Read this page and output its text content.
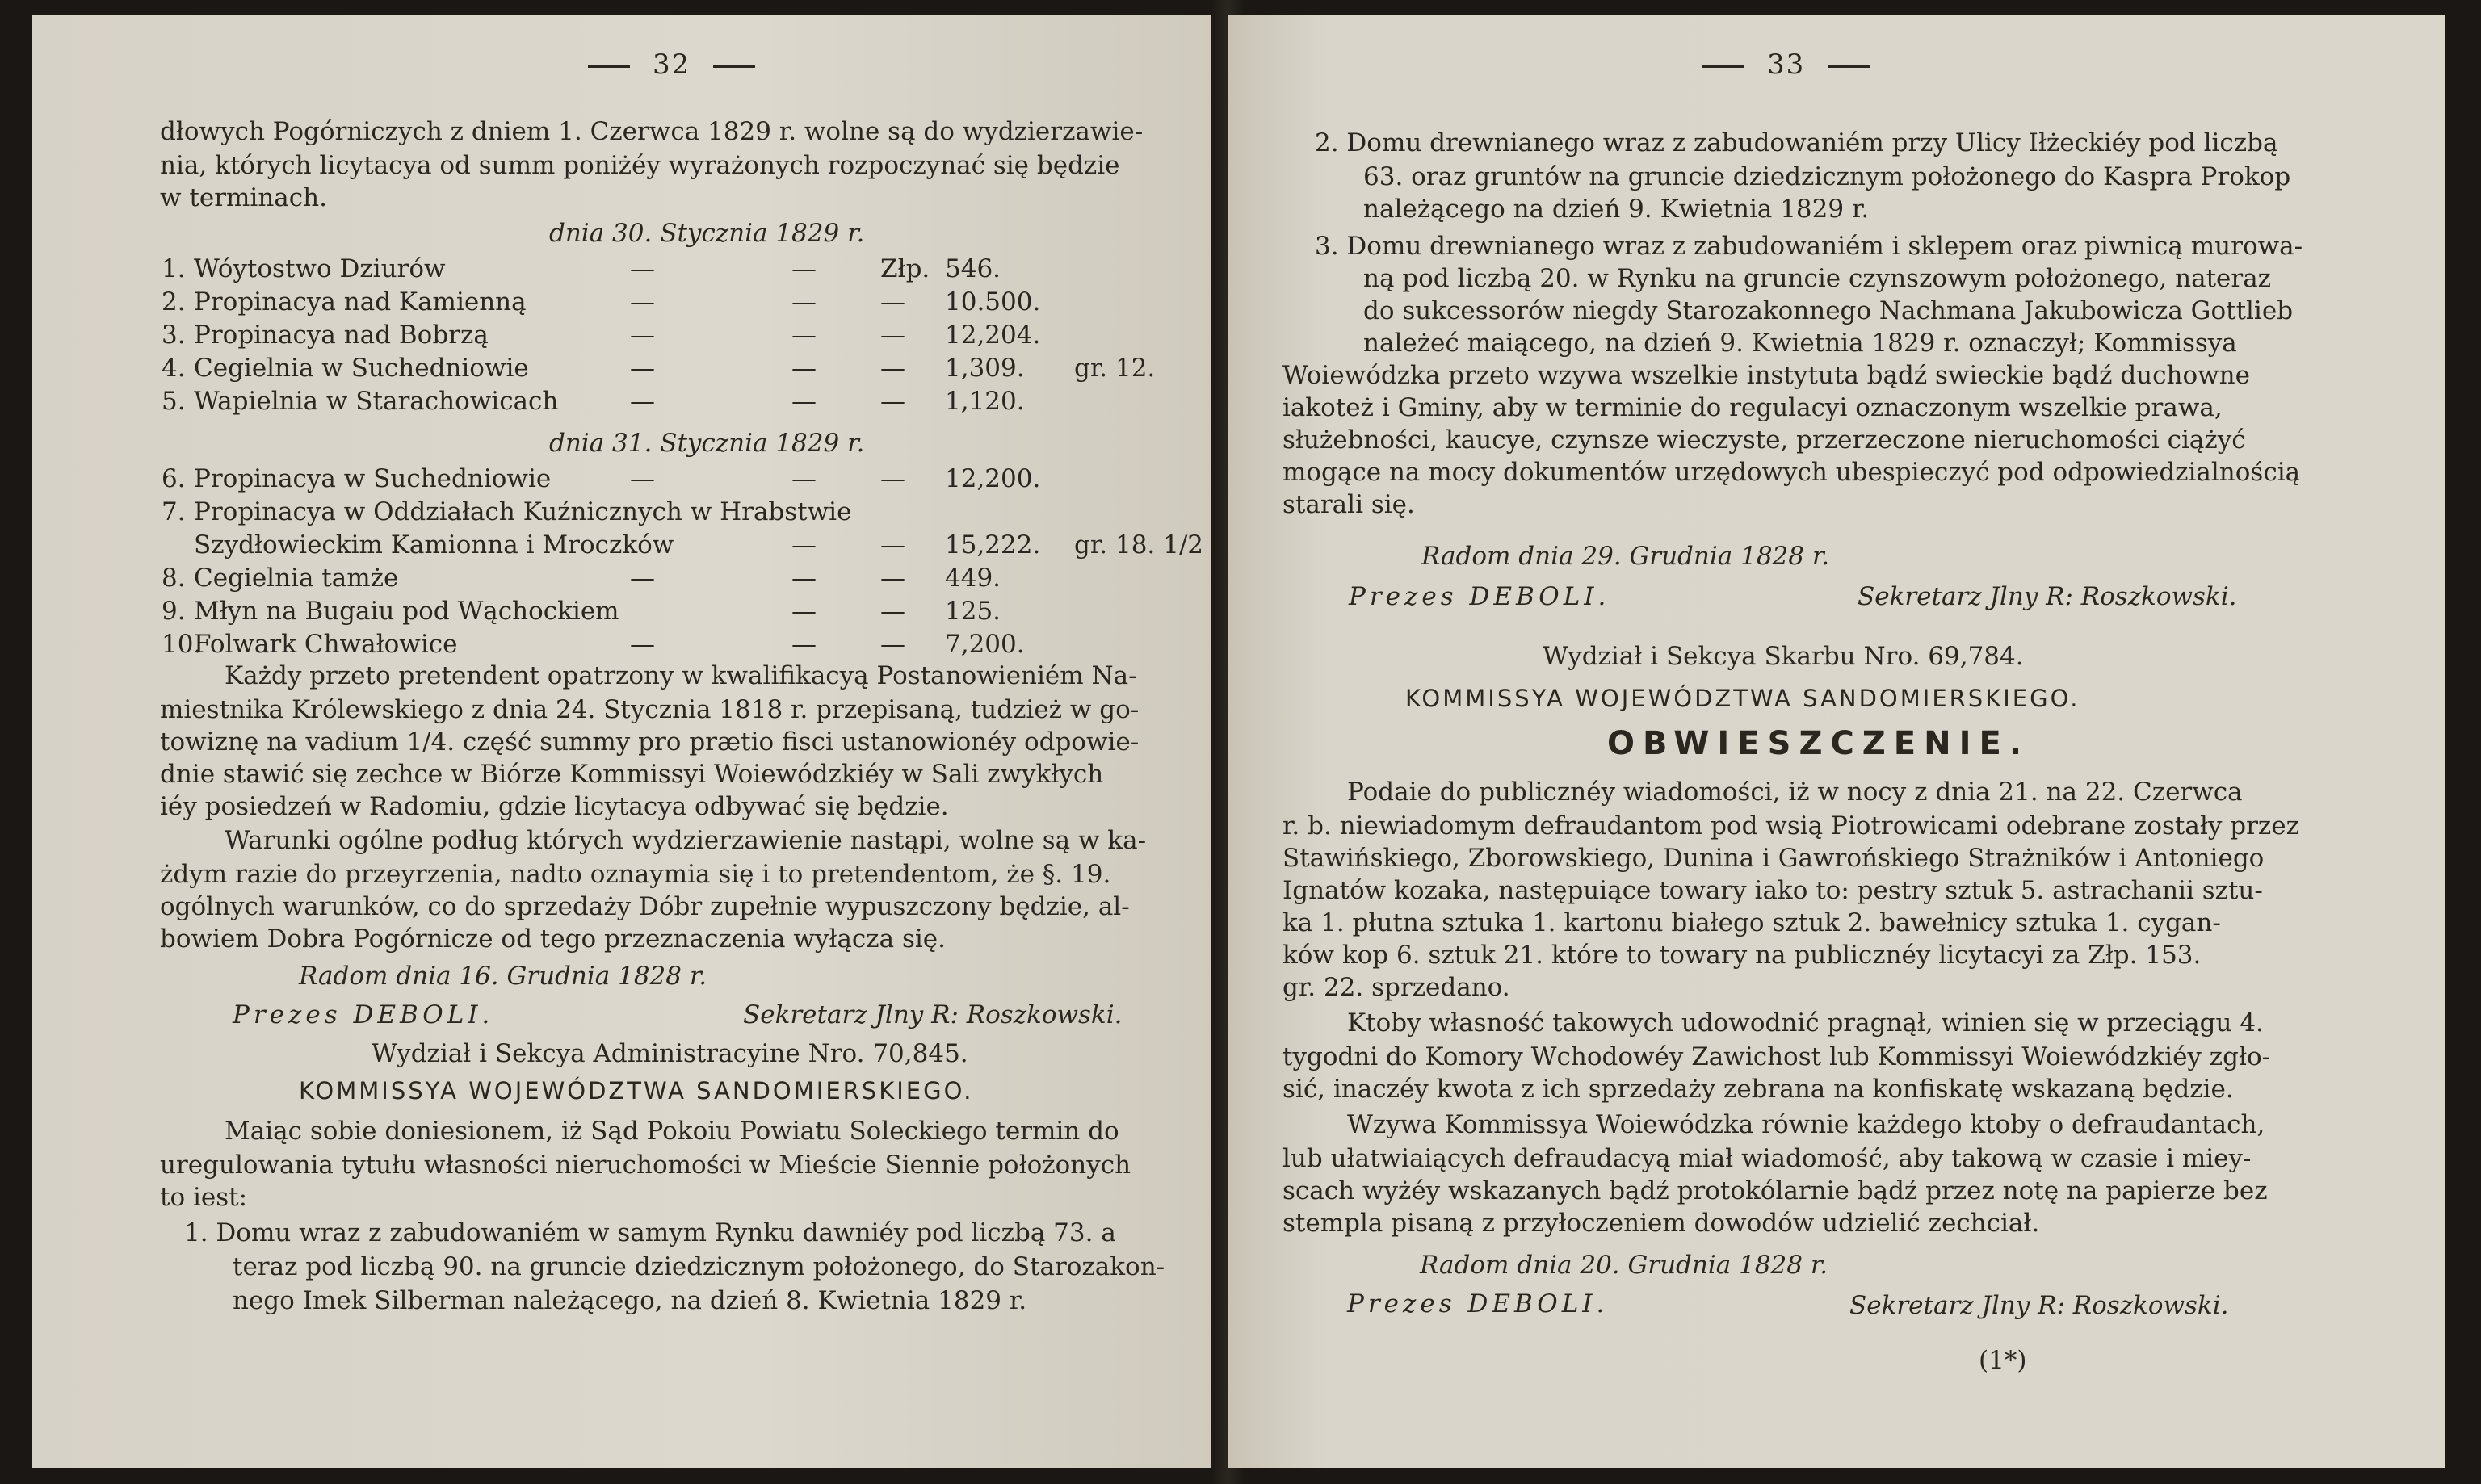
32
dłowych Pogórniczych z dniem 1. Czerwca 1829 r. wolne są do wydzierzawie-
nia, których licytacya od summ poniżéy wyrażonych rozpoczynać się będzie
w terminach.
dnia 30. Stycznia 1829 r.
1. Wóytostwo Dziurów	—	—	Złp. 546.
2. Propinacya nad Kamienną	—	—	— 10.500.
3. Propinacya nad Bobrzą	—	—	— 12,204.
4. Cegielnia w Suchedniowie	—	—	— 1,309. gr. 12.
5. Wapielnia w Starachowicach	—	—	— 1,120.
dnia 31. Stycznia 1829 r.
6. Propinacya w Suchedniowie	—	—	— 12,200.
7. Propinacya w Oddziałach Kuźnicznych w Hrabstwie
Szydłowieckim Kamionna i Mroczków	—	— 15,222. gr. 18. 1/2
8. Cegielnia tamże	—	—	— 449.
9. Młyn na Bugaiu pod Wąchockiem	—	— 125.
10.
Folwark Chwałowice	—	—	— 7,200.
Każdy przeto pretendent opatrzony w kwalifikacyą Postanowieniém Na-
miestnika Królewskiego z dnia 24. Stycznia 1818 r. przepisaną, tudzież w go-
towiznę na vadium 1/4. część summy pro prætio fisci ustanowionéy odpowie-
dnie stawić się zechce w Biórze Kommissyi Woiewódzkiéy w Sali zwykłych
iéy posiedzeń w Radomiu, gdzie licytacya odbywać się będzie.
Warunki ogólne podług których wydzierzawienie nastąpi, wolne są w ka-
żdym razie do przeyrzenia, nadto oznaymia się i to pretendentom, że §. 19.
ogólnych warunków, co do sprzedaży Dóbr zupełnie wypuszczony będzie, al-
bowiem Dobra Pogórnicze od tego przeznaczenia wyłącza się.
Radom dnia 16. Grudnia 1828 r.
Prezes DEBOLI.	Sekretarz Jlny R: Roszkowski.
Wydział i Sekcya Administracyine Nro. 70,845.
KOMMISSYA WOJEWÓDZTWA SANDOMIERSKIEGO.
Maiąc sobie doniesionem, iż Sąd Pokoiu Powiatu Soleckiego termin do
uregulowania tytułu własności nieruchomości w Mieście Siennie położonych
to iest:
1. Domu wraz z zabudowaniém w samym Rynku dawniéy pod liczbą 73. a
teraz pod liczbą 90. na gruncie dziedzicznym położonego, do Starozakon-
nego Imek Silberman należącego, na dzień 8. Kwietnia 1829 r.
33
2. Domu drewnianego wraz z zabudowaniém przy Ulicy Iłżeckiéy pod liczbą
63. oraz gruntów na gruncie dziedzicznym położonego do Kaspra Prokop
należącego na dzień 9. Kwietnia 1829 r.
3. Domu drewnianego wraz z zabudowaniém i sklepem oraz piwnicą murowa-
ną pod liczbą 20. w Rynku na gruncie czynszowym położonego, nateraz
do sukcessorów niegdy Starozakonnego Nachmana Jakubowicza Gottlieb
należeć maiącego, na dzień 9. Kwietnia 1829 r. oznaczył; Kommissya
Woiewódzka przeto wzywa wszelkie instytuta bądź swieckie bądź duchowne
iakoteż i Gminy, aby w terminie do regulacyi oznaczonym wszelkie prawa,
służebności, kaucye, czynsze wieczyste, przerzeczone nieruchomości ciążyć
mogące na mocy dokumentów urzędowych ubespieczyć pod odpowiedzialnością
starali się.
Radom dnia 29. Grudnia 1828 r.
Prezes DEBOLI.	Sekretarz Jlny R: Roszkowski.
Wydział i Sekcya Skarbu Nro. 69,784.
KOMMISSYA WOJEWÓDZTWA SANDOMIERSKIEGO.
OBWIESZCZENIE.
Podaie do publicznéy wiadomości, iż w nocy z dnia 21. na 22. Czerwca
r. b. niewiadomym defraudantom pod wsią Piotrowicami odebrane zostały przez
Stawińskiego, Zborowskiego, Dunina i Gawrońskiego Strażników i Antoniego
Ignatów kozaka, następuiące towary iako to: pestry sztuk 5. astrachanii sztu-
ka 1. płutna sztuka 1. kartonu białego sztuk 2. bawełnicy sztuka 1. cygan-
ków kop 6. sztuk 21. które to towary na publicznéy licytacyi za Złp. 153.
gr. 22. sprzedano.
Ktoby własność takowych udowodnić pragnął, winien się w przeciągu 4.
tygodni do Komory Wchodowéy Zawichost lub Kommissyi Woiewódzkiéy zgło-
sić, inaczéy kwota z ich sprzedaży zebrana na konfiskatę wskazaną będzie.
Wzywa Kommissya Woiewódzka równie każdego ktoby o defraudantach,
lub ułatwiaiących defraudacyą miał wiadomość, aby takową w czasie i miey-
scach wyżéy wskazanych bądź protokólarnie bądź przez notę na papierze bez
stempla pisaną z przyłoczeniem dowodów udzielić zechciał.
Radom dnia 20. Grudnia 1828 r.
Prezes DEBOLI.	Sekretarz Jlny R: Roszkowski.
(1*)
